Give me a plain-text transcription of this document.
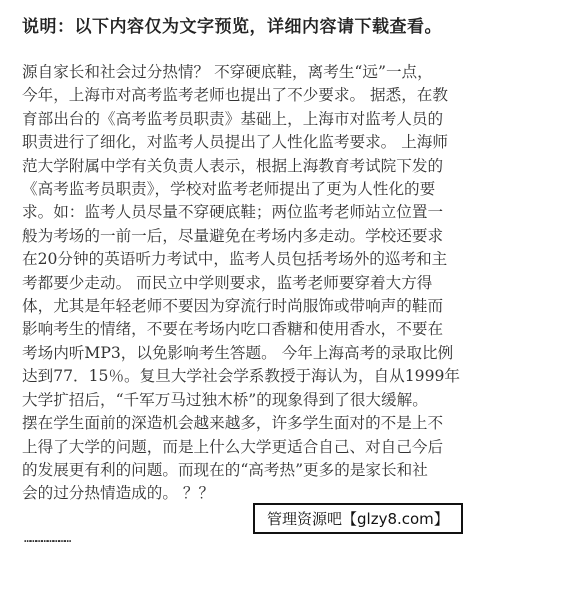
说明：以下内容仅为文字预览，详细内容请下载查看。
源自家长和社会过分热情？ 不穿硬底鞋，离考生“远”一点，
今年，上海市对高考监考老师也提出了不少要求。 据悉，在教
育部出台的《高考监考员职责》基础上，上海市对监考人员的
职责进行了细化，对监考人员提出了人性化监考要求。 上海师
范大学附属中学有关负责人表示，根据上海教育考试院下发的
《高考监考员职责》，学校对监考老师提出了更为人性化的要
求。如：监考人员尽量不穿硬底鞋；两位监考老师站立位置一
般为考场的一前一后，尽量避免在考场内多走动。学校还要求
在20分钟的英语听力考试中，监考人员包括考场外的巡考和主
考都要少走动。 而民立中学则要求，监考老师要穿着大方得
体，尤其是年轻老师不要因为穿流行时尚服饰或带响声的鞋而
影响考生的情绪，不要在考场内吃口香糖和使用香水，不要在
考场内听MP3，以免影响考生答题。 今年上海高考的录取比例
达到77．15％。复旦大学社会学系教授于海认为，自从1999年
大学扩招后，“千军万马过独木桥”的现象得到了很大缓解。
摆在学生面前的深造机会越来越多，许多学生面对的不是上不
上得了大学的问题，而是上什么大学更适合自己、对自己今后
的发展更有利的问题。而现在的“高考热”更多的是家长和社
会的过分热情造成的。 ？？
管理资源吧【glzy8.com】
……………………
